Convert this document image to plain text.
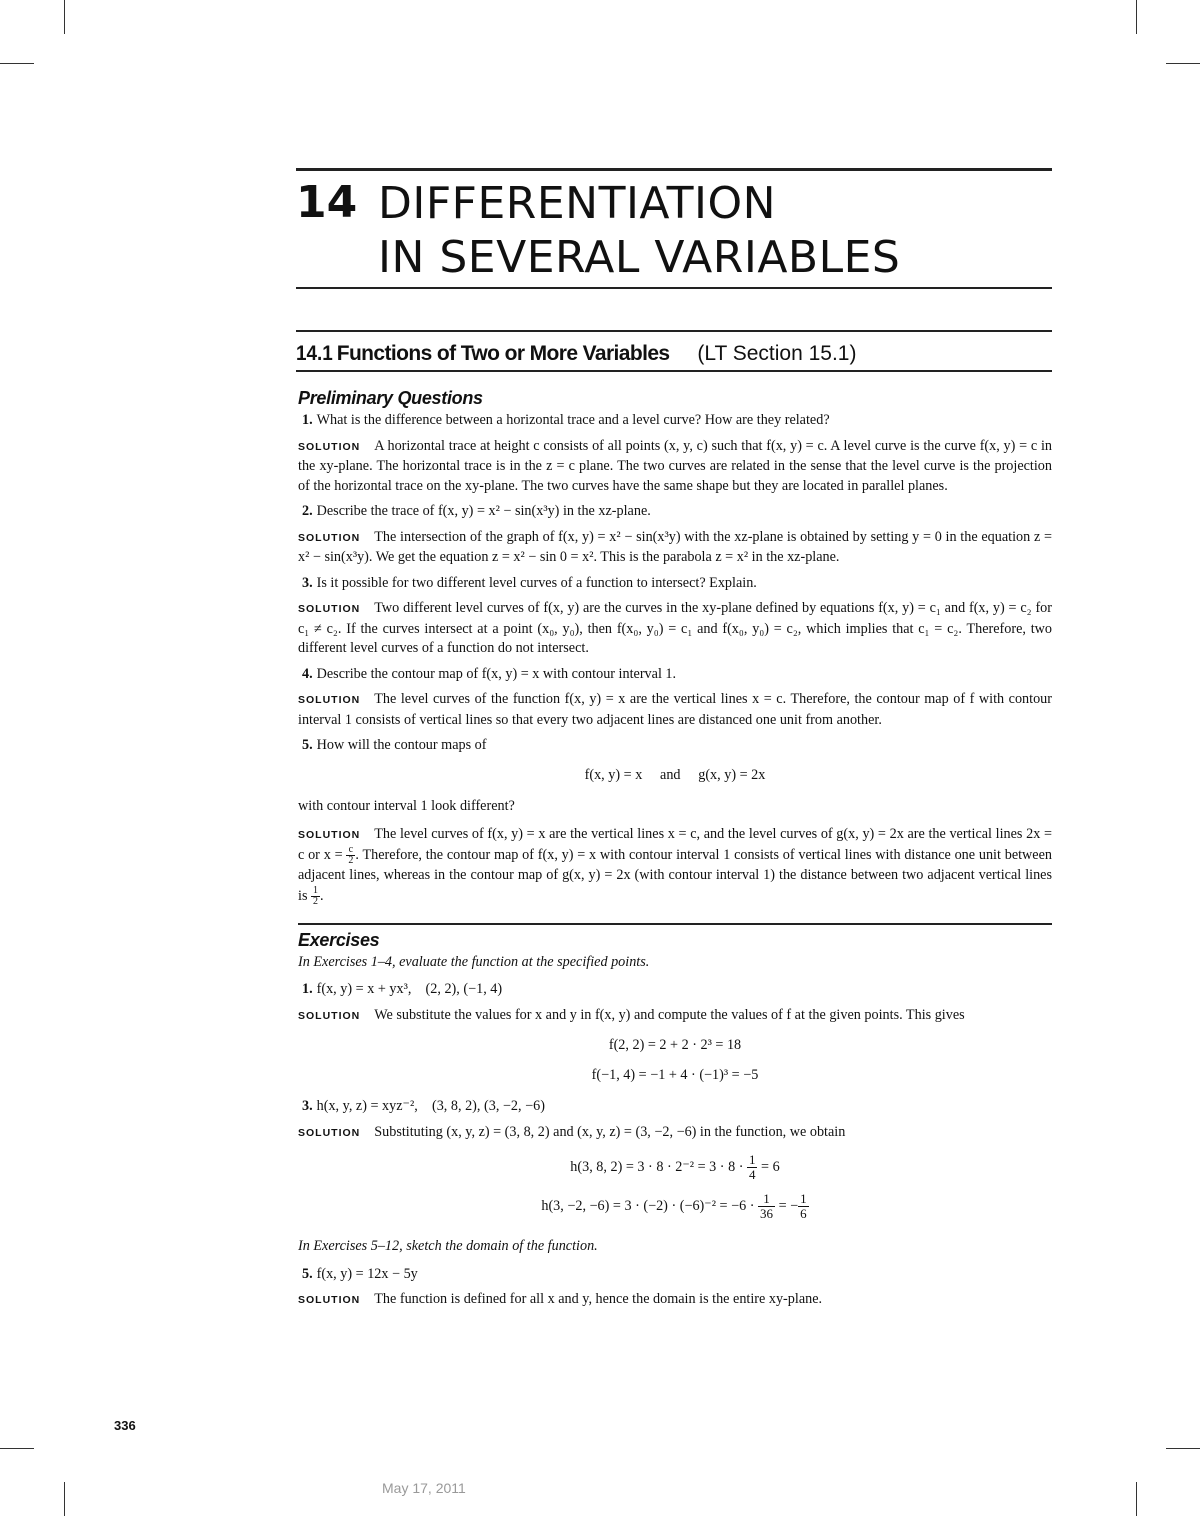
14 DIFFERENTIATION
IN SEVERAL VARIABLES
14.1 Functions of Two or More Variables (LT Section 15.1)
Preliminary Questions
1. What is the difference between a horizontal trace and a level curve? How are they related?
SOLUTION A horizontal trace at height c consists of all points (x, y, c) such that f(x, y) = c. A level curve is the curve f(x, y) = c in the xy-plane. The horizontal trace is in the z = c plane. The two curves are related in the sense that the level curve is the projection of the horizontal trace on the xy-plane. The two curves have the same shape but they are located in parallel planes.
2. Describe the trace of f(x, y) = x² − sin(x³y) in the xz-plane.
SOLUTION The intersection of the graph of f(x, y) = x² − sin(x³y) with the xz-plane is obtained by setting y = 0 in the equation z = x² − sin(x³y). We get the equation z = x² − sin 0 = x². This is the parabola z = x² in the xz-plane.
3. Is it possible for two different level curves of a function to intersect? Explain.
SOLUTION Two different level curves of f(x, y) are the curves in the xy-plane defined by equations f(x, y) = c₁ and f(x, y) = c₂ for c₁ ≠ c₂. If the curves intersect at a point (x₀, y₀), then f(x₀, y₀) = c₁ and f(x₀, y₀) = c₂, which implies that c₁ = c₂. Therefore, two different level curves of a function do not intersect.
4. Describe the contour map of f(x, y) = x with contour interval 1.
SOLUTION The level curves of the function f(x, y) = x are the vertical lines x = c. Therefore, the contour map of f with contour interval 1 consists of vertical lines so that every two adjacent lines are distanced one unit from another.
5. How will the contour maps of
f(x, y) = x     and     g(x, y) = 2x
with contour interval 1 look different?
SOLUTION The level curves of f(x, y) = x are the vertical lines x = c, and the level curves of g(x, y) = 2x are the vertical lines 2x = c or $x = \frac{c}{2}$ . Therefore, the contour map of f(x, y) = x with contour interval 1 consists of vertical lines with distance one unit between adjacent lines, whereas in the contour map of g(x, y) = 2x (with contour interval 1) the distance between two adjacent vertical lines is $\frac{1}{2}$ .
Exercises
In Exercises 1–4, evaluate the function at the specified points.
1. f(x, y) = x + yx³,    (2, 2), (−1, 4)
SOLUTION We substitute the values for x and y in f(x, y) and compute the values of f at the given points. This gives
f(2, 2) = 2 + 2 · 2³ = 18
f(−1, 4) = −1 + 4 · (−1)³ = −5
3. h(x, y, z) = xyz⁻²,    (3, 8, 2), (3, −2, −6)
SOLUTION Substituting (x, y, z) = (3, 8, 2) and (x, y, z) = (3, −2, −6) in the function, we obtain
h(3, 8, $2) = 3 \cdot 8 \cdot 2^{-2} = 3 \cdot 8 \cdot \frac{1}{4} = 6$
h(3, −2, $-6) = 3 \cdot (-2) \cdot (-6)^{-2} = -6 \cdot \frac{1}{36}$ = − $\frac{1}{6}$
In Exercises 5–12, sketch the domain of the function.
5. f(x, y) = 12x − 5y
SOLUTION The function is defined for all x and y, hence the domain is the entire xy-plane.
336
May 17, 2011
